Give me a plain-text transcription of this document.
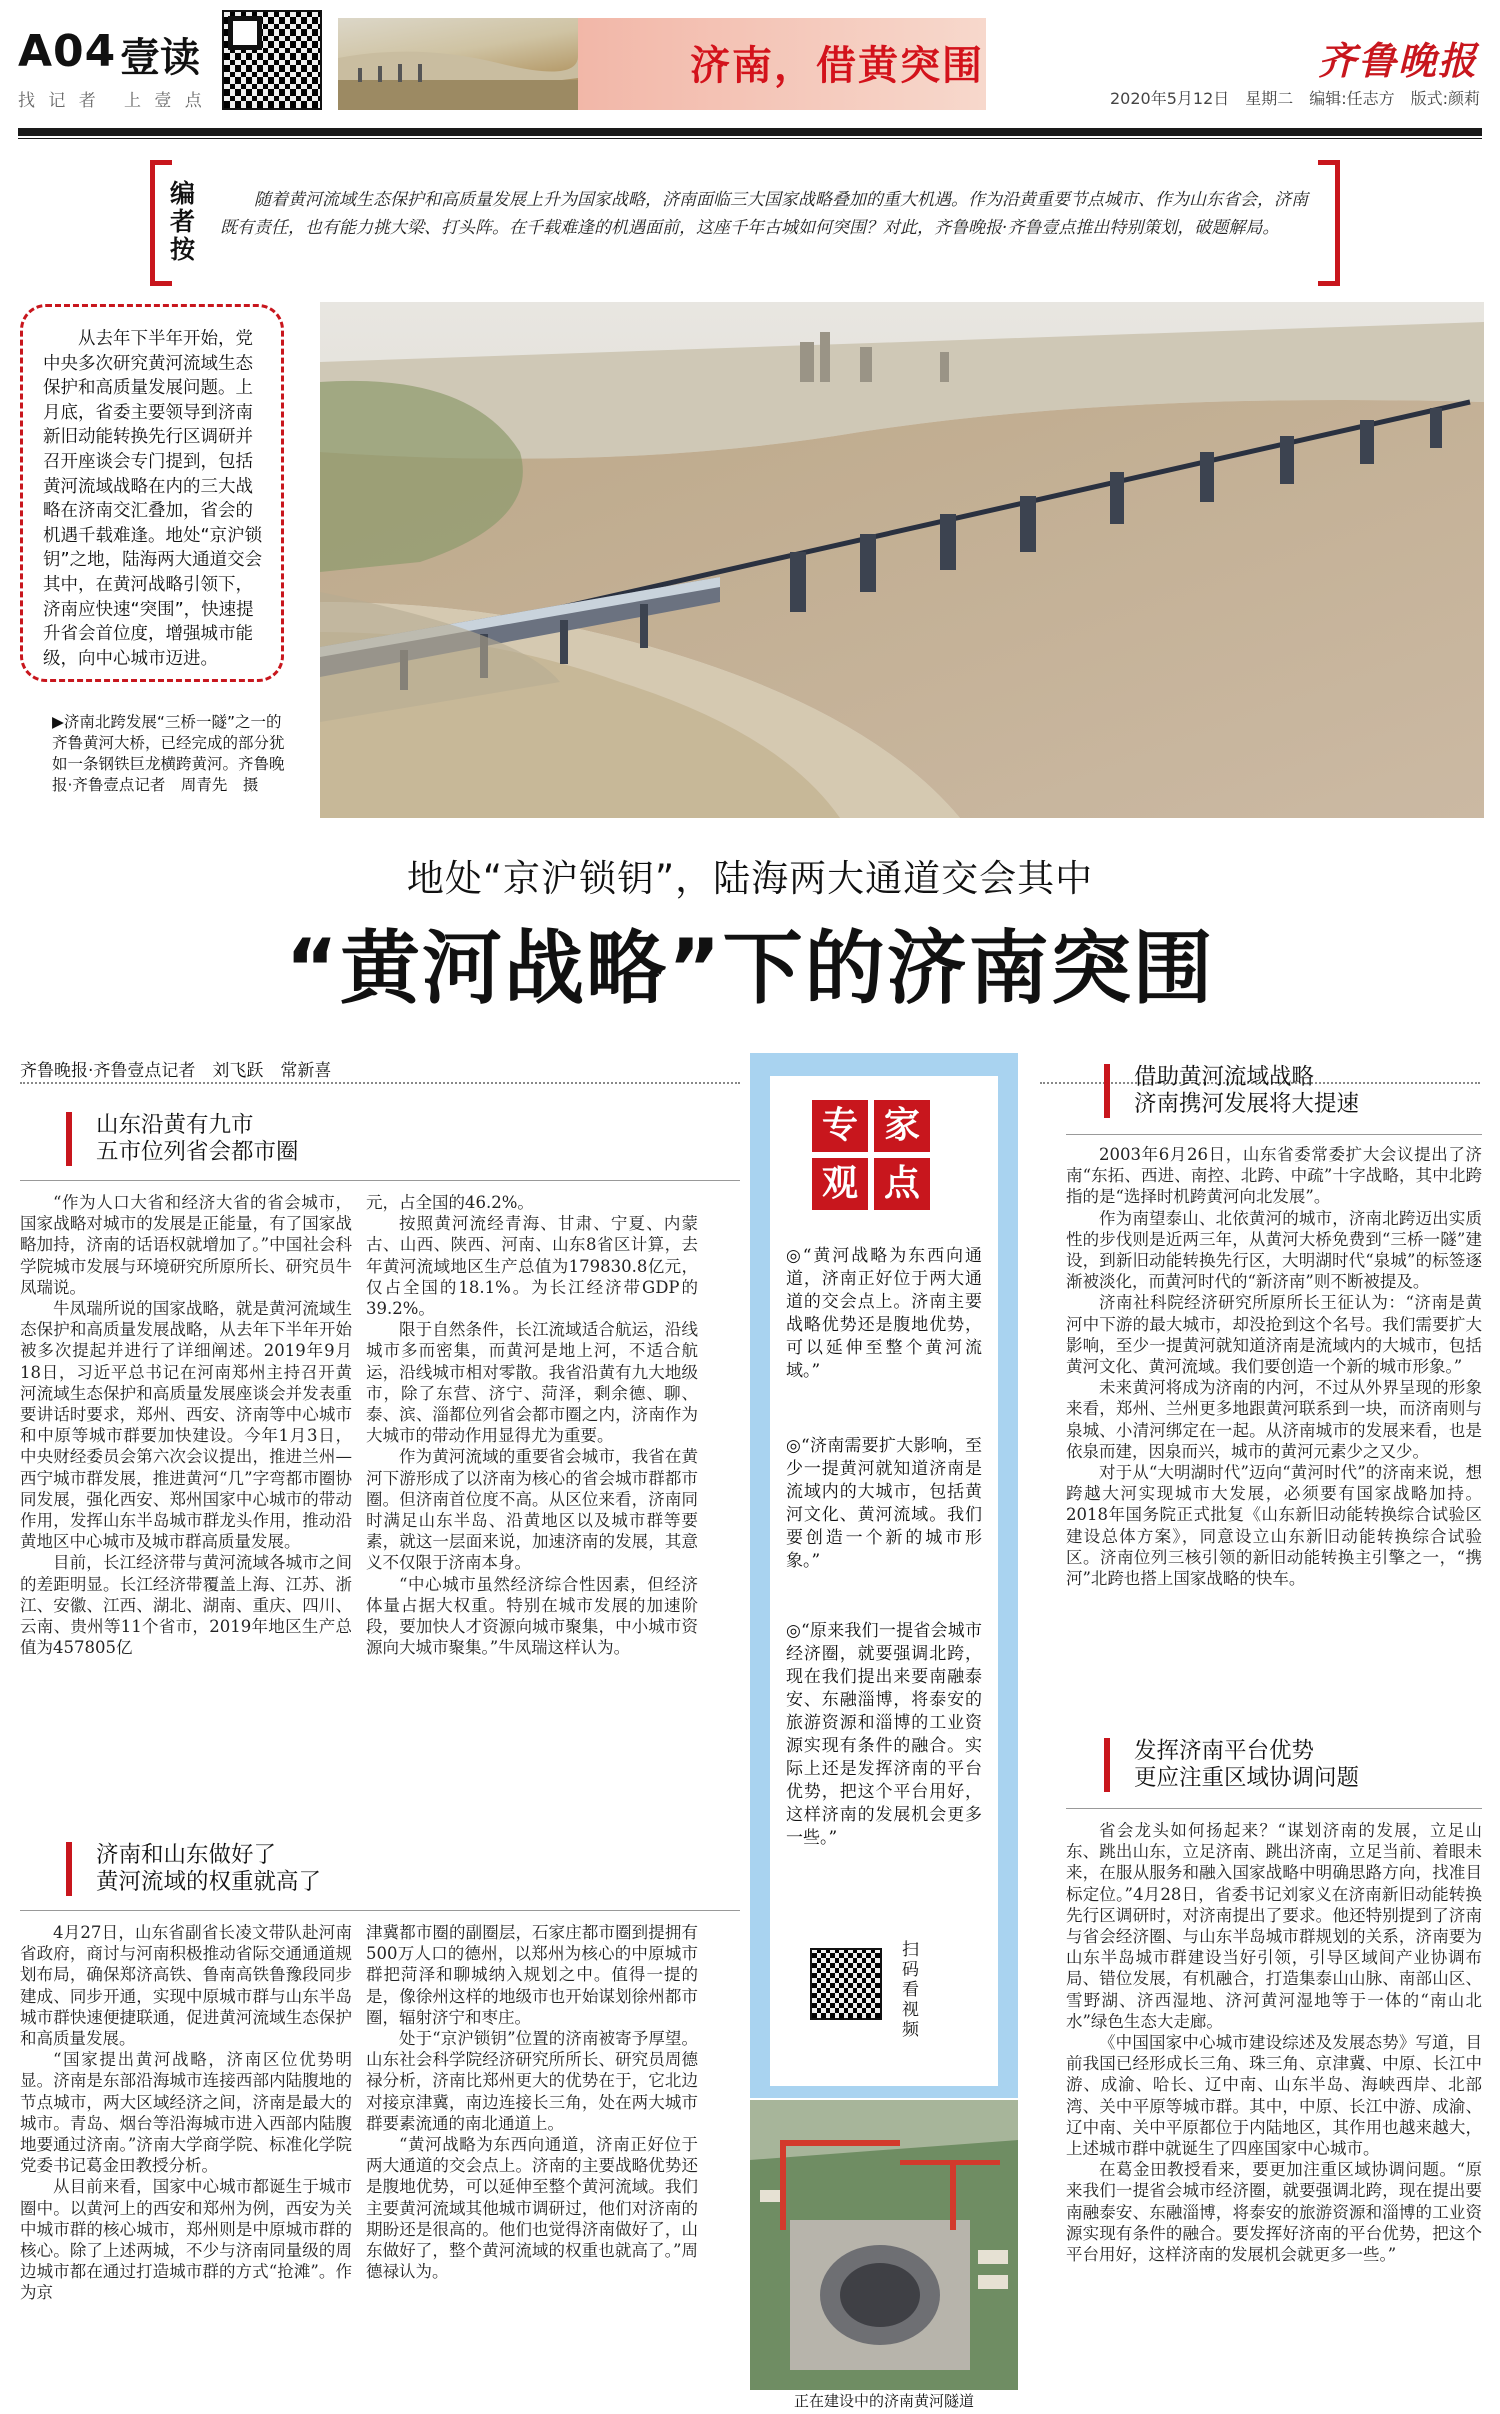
A04 壹读
找 记 者 上 壹 点
济南，借黄突围	齐鲁晚报
2020年5月12日　星期二　编辑:任志方　版式:颜莉
编者按
随着黄河流域生态保护和高质量发展上升为国家战略，济南面临三大国家战略叠加的重大机遇。作为沿黄重要节点城市、作为山东省会，济南既有责任，也有能力挑大梁、打头阵。在千载难逢的机遇面前，这座千年古城如何突围？对此，齐鲁晚报·齐鲁壹点推出特别策划，破题解局。

从去年下半年开始，党中央多次研究黄河流域生态保护和高质量发展问题。上月底，省委主要领导到济南新旧动能转换先行区调研并召开座谈会专门提到，包括黄河流域战略在内的三大战略在济南交汇叠加，省会的机遇千载难逢。地处“京沪锁钥”之地，陆海两大通道交会其中，在黄河战略引领下，济南应快速“突围”，快速提升省会首位度，增强城市能级，向中心城市迈进。

▶济南北跨发展“三桥一隧”之一的齐鲁黄河大桥，已经完成的部分犹如一条钢铁巨龙横跨黄河。齐鲁晚报·齐鲁壹点记者　周青先　摄
地处“京沪锁钥”，陆海两大通道交会其中
“黄河战略”下的济南突围
齐鲁晚报·齐鲁壹点记者　刘飞跃　常新喜
山东沿黄有九市
五市位列省会都市圈

“作为人口大省和经济大省的省会城市，国家战略对城市的发展是正能量，有了国家战略加持，济南的话语权就增加了。”中国社会科学院城市发展与环境研究所原所长、研究员牛凤瑞说。

牛凤瑞所说的国家战略，就是黄河流域生态保护和高质量发展战略，从去年下半年开始被多次提起并进行了详细阐述。2019年9月18日，习近平总书记在河南郑州主持召开黄河流域生态保护和高质量发展座谈会并发表重要讲话时要求，郑州、西安、济南等中心城市和中原等城市群要加快建设。今年1月3日，中央财经委员会第六次会议提出，推进兰州—西宁城市群发展，推进黄河“几”字弯都市圈协同发展，强化西安、郑州国家中心城市的带动作用，发挥山东半岛城市群龙头作用，推动沿黄地区中心城市及城市群高质量发展。

目前，长江经济带与黄河流域各城市之间的差距明显。长江经济带覆盖上海、江苏、浙江、安徽、江西、湖北、湖南、重庆、四川、云南、贵州等11个省市，2019年地区生产总值为457805亿

元，占全国的46.2%。

按照黄河流经青海、甘肃、宁夏、内蒙古、山西、陕西、河南、山东8省区计算，去年黄河流域地区生产总值为179830.8亿元，仅占全国的18.1%。为长江经济带GDP的39.2%。

限于自然条件，长江流域适合航运，沿线城市多而密集，而黄河是地上河，不适合航运，沿线城市相对零散。我省沿黄有九大地级市，除了东营、济宁、菏泽，剩余德、聊、泰、滨、淄都位列省会都市圈之内，济南作为大城市的带动作用显得尤为重要。

作为黄河流域的重要省会城市，我省在黄河下游形成了以济南为核心的省会城市群都市圈。但济南首位度不高。从区位来看，济南同时满足山东半岛、沿黄地区以及城市群等要素，就这一层面来说，加速济南的发展，其意义不仅限于济南本身。

“中心城市虽然经济综合性因素，但经济体量占据大权重。特别在城市发展的加速阶段，要加快人才资源向城市聚集，中小城市资源向大城市聚集。”牛凤瑞这样认为。

济南和山东做好了
黄河流域的权重就高了

4月27日，山东省副省长凌文带队赴河南省政府，商讨与河南积极推动省际交通通道规划布局，确保郑济高铁、鲁南高铁鲁豫段同步建成、同步开通，实现中原城市群与山东半岛城市群快速便捷联通，促进黄河流域生态保护和高质量发展。

“国家提出黄河战略，济南区位优势明显。济南是东部沿海城市连接西部内陆腹地的节点城市，两大区域经济之间，济南是最大的城市。青岛、烟台等沿海城市进入西部内陆腹地要通过济南。”济南大学商学院、标准化学院党委书记葛金田教授分析。

从目前来看，国家中心城市都诞生于城市圈中。以黄河上的西安和郑州为例，西安为关中城市群的核心城市，郑州则是中原城市群的核心。除了上述两城，不少与济南同量级的周边城市都在通过打造城市群的方式“抢滩”。作为京

津冀都市圈的副圈层，石家庄都市圈到提拥有500万人口的德州，以郑州为核心的中原城市群把菏泽和聊城纳入规划之中。值得一提的是，像徐州这样的地级市也开始谋划徐州都市圈，辐射济宁和枣庄。

处于“京沪锁钥”位置的济南被寄予厚望。山东社会科学院经济研究所所长、研究员周德禄分析，济南比郑州更大的优势在于，它北边对接京津冀，南边连接长三角，处在两大城市群要素流通的南北通道上。

“黄河战略为东西向通道，济南正好位于两大通道的交会点上。济南的主要战略优势还是腹地优势，可以延伸至整个黄河流域。我们主要黄河流域其他城市调研过，他们对济南的期盼还是很高的。他们也觉得济南做好了，山东做好了，整个黄河流域的权重也就高了。”周德禄认为。

专 家
观 点
◎“黄河战略为东西向通道，济南正好位于两大通道的交会点上。济南主要战略优势还是腹地优势，可以延伸至整个黄河流域。”
◎“济南需要扩大影响，至少一提黄河就知道济南是流域内的大城市，包括黄河文化、黄河流域。我们要创造一个新的城市形象。”
◎“原来我们一提省会城市经济圈，就要强调北跨，现在我们提出来要南融泰安、东融淄博，将泰安的旅游资源和淄博的工业资源实现有条件的融合。实际上还是发挥济南的平台优势，把这个平台用好，这样济南的发展机会更多一些。”
扫码看视频
正在建设中的济南黄河隧道
借助黄河流域战略
济南携河发展将大提速

2003年6月26日，山东省委常委扩大会议提出了济南“东拓、西进、南控、北跨、中疏”十字战略，其中北跨指的是“选择时机跨黄河向北发展”。

作为南望泰山、北依黄河的城市，济南北跨迈出实质性的步伐则是近两三年，从黄河大桥免费到“三桥一隧”建设，到新旧动能转换先行区，大明湖时代“泉城”的标签逐渐被淡化，而黄河时代的“新济南”则不断被提及。

济南社科院经济研究所原所长王征认为：“济南是黄河中下游的最大城市，却没抢到这个名号。我们需要扩大影响，至少一提黄河就知道济南是流域内的大城市，包括黄河文化、黄河流域。我们要创造一个新的城市形象。”

未来黄河将成为济南的内河，不过从外界呈现的形象来看，郑州、兰州更多地跟黄河联系到一块，而济南则与泉城、小清河绑定在一起。从济南城市的发展来看，也是依泉而建，因泉而兴，城市的黄河元素少之又少。

对于从“大明湖时代”迈向“黄河时代”的济南来说，想跨越大河实现城市大发展，必须要有国家战略加持。2018年国务院正式批复《山东新旧动能转换综合试验区建设总体方案》，同意设立山东新旧动能转换综合试验区。济南位列三核引领的新旧动能转换主引擎之一，“携河”北跨也搭上国家战略的快车。

发挥济南平台优势
更应注重区域协调问题

省会龙头如何扬起来？“谋划济南的发展，立足山东、跳出山东，立足济南、跳出济南，立足当前、着眼未来，在服从服务和融入国家战略中明确思路方向，找准目标定位。”4月28日，省委书记刘家义在济南新旧动能转换先行区调研时，对济南提出了要求。他还特别提到了济南与省会经济圈、与山东半岛城市群规划的关系，济南要为山东半岛城市群建设当好引领，引导区域间产业协调布局、错位发展，有机融合，打造集泰山山脉、南部山区、雪野湖、济西湿地、济河黄河湿地等于一体的“南山北水”绿色生态大走廊。

《中国国家中心城市建设综述及发展态势》写道，目前我国已经形成长三角、珠三角、京津冀、中原、长江中游、成渝、哈长、辽中南、山东半岛、海峡西岸、北部湾、关中平原等城市群。其中，中原、长江中游、成渝、辽中南、关中平原都位于内陆地区，其作用也越来越大，上述城市群中就诞生了四座国家中心城市。

在葛金田教授看来，要更加注重区域协调问题。“原来我们一提省会城市经济圈，就要强调北跨，现在提出要南融泰安、东融淄博，将泰安的旅游资源和淄博的工业资源实现有条件的融合。要发挥好济南的平台优势，把这个平台用好，这样济南的发展机会就更多一些。”
